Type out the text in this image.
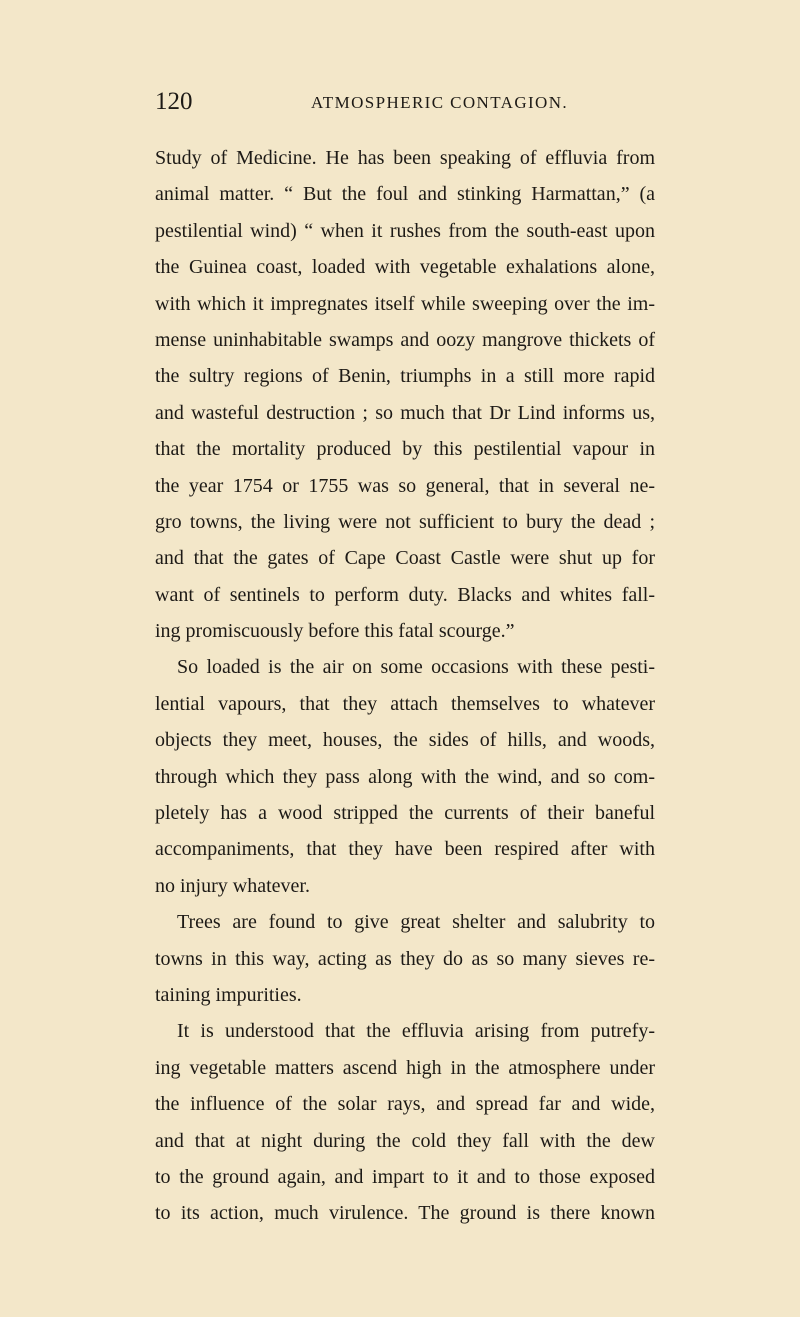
120	ATMOSPHERIC CONTAGION.
Study of Medicine. He has been speaking of effluvia from
animal matter. “ But the foul and stinking Harmattan,” (a
pestilential wind) “ when it rushes from the south-east upon
the Guinea coast, loaded with vegetable exhalations alone,
with which it impregnates itself while sweeping over the im-
mense uninhabitable swamps and oozy mangrove thickets of
the sultry regions of Benin, triumphs in a still more rapid
and wasteful destruction ; so much that Dr Lind informs us,
that the mortality produced by this pestilential vapour in
the year 1754 or 1755 was so general, that in several ne-
gro towns, the living were not sufficient to bury the dead ;
and that the gates of Cape Coast Castle were shut up for
want of sentinels to perform duty. Blacks and whites fall-
ing promiscuously before this fatal scourge.”
So loaded is the air on some occasions with these pesti-
lential vapours, that they attach themselves to whatever
objects they meet, houses, the sides of hills, and woods,
through which they pass along with the wind, and so com-
pletely has a wood stripped the currents of their baneful
accompaniments, that they have been respired after with
no injury whatever.
Trees are found to give great shelter and salubrity to
towns in this way, acting as they do as so many sieves re-
taining impurities.
It is understood that the effluvia arising from putrefy-
ing vegetable matters ascend high in the atmosphere under
the influence of the solar rays, and spread far and wide,
and that at night during the cold they fall with the dew
to the ground again, and impart to it and to those exposed
to its action, much virulence. The ground is there known
